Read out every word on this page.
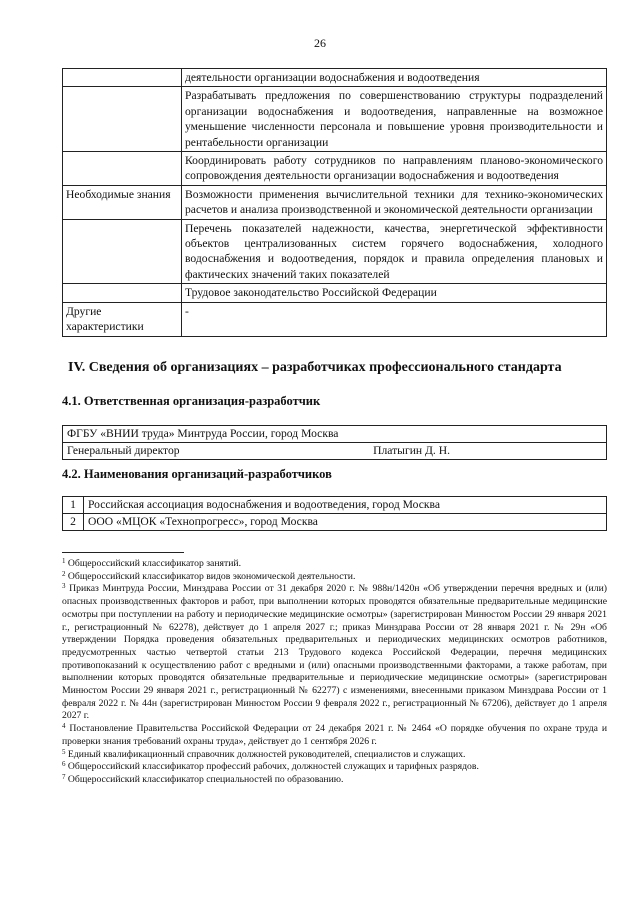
26
	деятельности организации водоснабжения и водоотведения
	Разрабатывать предложения по совершенствованию структуры подразделений организации водоснабжения и водоотведения, направленные на возможное уменьшение численности персонала и повышение уровня производительности и рентабельности организации
	Координировать работу сотрудников по направлениям планово-экономического сопровождения деятельности организации водоснабжения и водоотведения
Необходимые знания	Возможности применения вычислительной техники для технико-экономических расчетов и анализа производственной и экономической деятельности организации
	Перечень показателей надежности, качества, энергетической эффективности объектов централизованных систем горячего водоснабжения, холодного водоснабжения и водоотведения, порядок и правила определения плановых и фактических значений таких показателей
	Трудовое законодательство Российской Федерации
Другие характеристики	-
IV. Сведения об организациях – разработчиках профессионального стандарта
4.1. Ответственная организация-разработчик
ФГБУ «ВНИИ труда» Минтруда России, город Москва

Генеральный директор	Платыгин Д. Н.
4.2. Наименования организаций-разработчиков
1	Российская ассоциация водоснабжения и водоотведения, город Москва
2	ООО «МЦОК «Технопрогресс», город Москва

$^1$ Общероссийский классификатор занятий.

$^2$ Общероссийский классификатор видов экономической деятельности.

$^3$ Приказ Минтруда России, Минздрава России от 31 декабря 2020 г. № 988н/1420н «Об утверждении перечня вредных и (или) опасных производственных факторов и работ, при выполнении которых проводятся обязательные предварительные медицинские осмотры при поступлении на работу и периодические медицинские осмотры» (зарегистрирован Минюстом России 29 января 2021 г., регистрационный № 62278), действует до 1 апреля 2027 г.; приказ Минздрава России от 28 января 2021 г. № 29н «Об утверждении Порядка проведения обязательных предварительных и периодических медицинских осмотров работников, предусмотренных частью четвертой статьи 213 Трудового кодекса Российской Федерации, перечня медицинских противопоказаний к осуществлению работ с вредными и (или) опасными производственными факторами, а также работам, при выполнении которых проводятся обязательные предварительные и периодические медицинские осмотры» (зарегистрирован Минюстом России 29 января 2021 г., регистрационный № 62277) с изменениями, внесенными приказом Минздрава России от 1 февраля 2022 г. № 44н (зарегистрирован Минюстом России 9 февраля 2022 г., регистрационный № 67206), действует до 1 апреля 2027 г.

$^4$ Постановление Правительства Российской Федерации от 24 декабря 2021 г. № 2464 «О порядке обучения по охране труда и проверки знания требований охраны труда», действует до 1 сентября 2026 г.

$^5$ Единый квалификационный справочник должностей руководителей, специалистов и служащих.

$^6$ Общероссийский классификатор профессий рабочих, должностей служащих и тарифных разрядов.

$^7$ Общероссийский классификатор специальностей по образованию.
